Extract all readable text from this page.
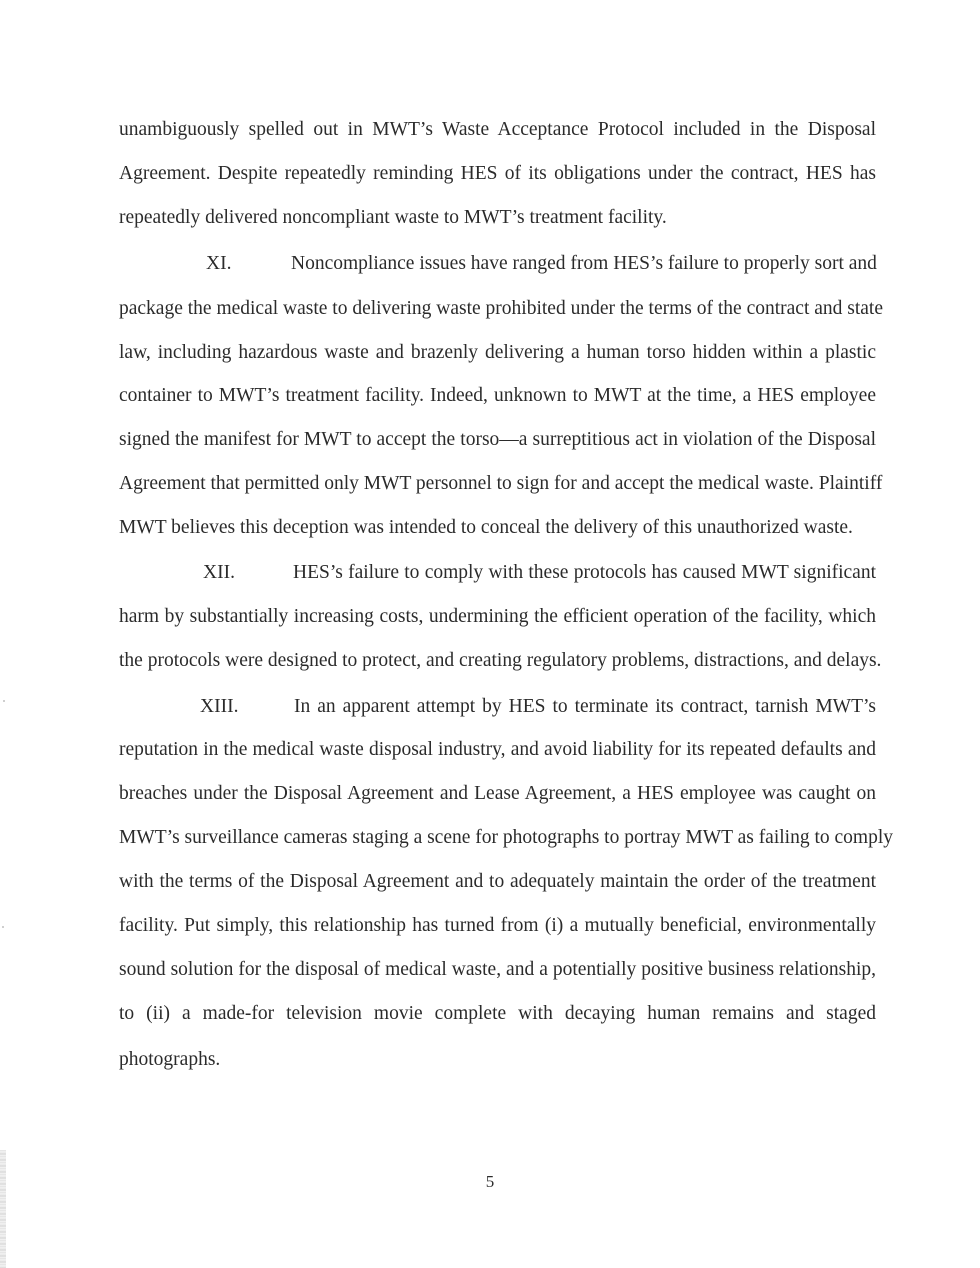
unambiguously spelled out in MWT’s Waste Acceptance Protocol included in the Disposal
Agreement. Despite repeatedly reminding HES of its obligations under the contract, HES has
repeatedly delivered noncompliant waste to MWT’s treatment facility.
XI.	Noncompliance issues have ranged from HES’s failure to properly sort and
package the medical waste to delivering waste prohibited under the terms of the contract and state
law, including hazardous waste and brazenly delivering a human torso hidden within a plastic
container to MWT’s treatment facility. Indeed, unknown to MWT at the time, a HES employee
signed the manifest for MWT to accept the torso—a surreptitious act in violation of the Disposal
Agreement that permitted only MWT personnel to sign for and accept the medical waste. Plaintiff
MWT believes this deception was intended to conceal the delivery of this unauthorized waste.
XII.	HES’s failure to comply with these protocols has caused MWT significant
harm by substantially increasing costs, undermining the efficient operation of the facility, which
the protocols were designed to protect, and creating regulatory problems, distractions, and delays.
XIII.	In an apparent attempt by HES to terminate its contract, tarnish MWT’s
reputation in the medical waste disposal industry, and avoid liability for its repeated defaults and
breaches under the Disposal Agreement and Lease Agreement, a HES employee was caught on
MWT’s surveillance cameras staging a scene for photographs to portray MWT as failing to comply
with the terms of the Disposal Agreement and to adequately maintain the order of the treatment
facility. Put simply, this relationship has turned from (i) a mutually beneficial, environmentally
sound solution for the disposal of medical waste, and a potentially positive business relationship,
to (ii) a made-for television movie complete with decaying human remains and staged
photographs.
5
